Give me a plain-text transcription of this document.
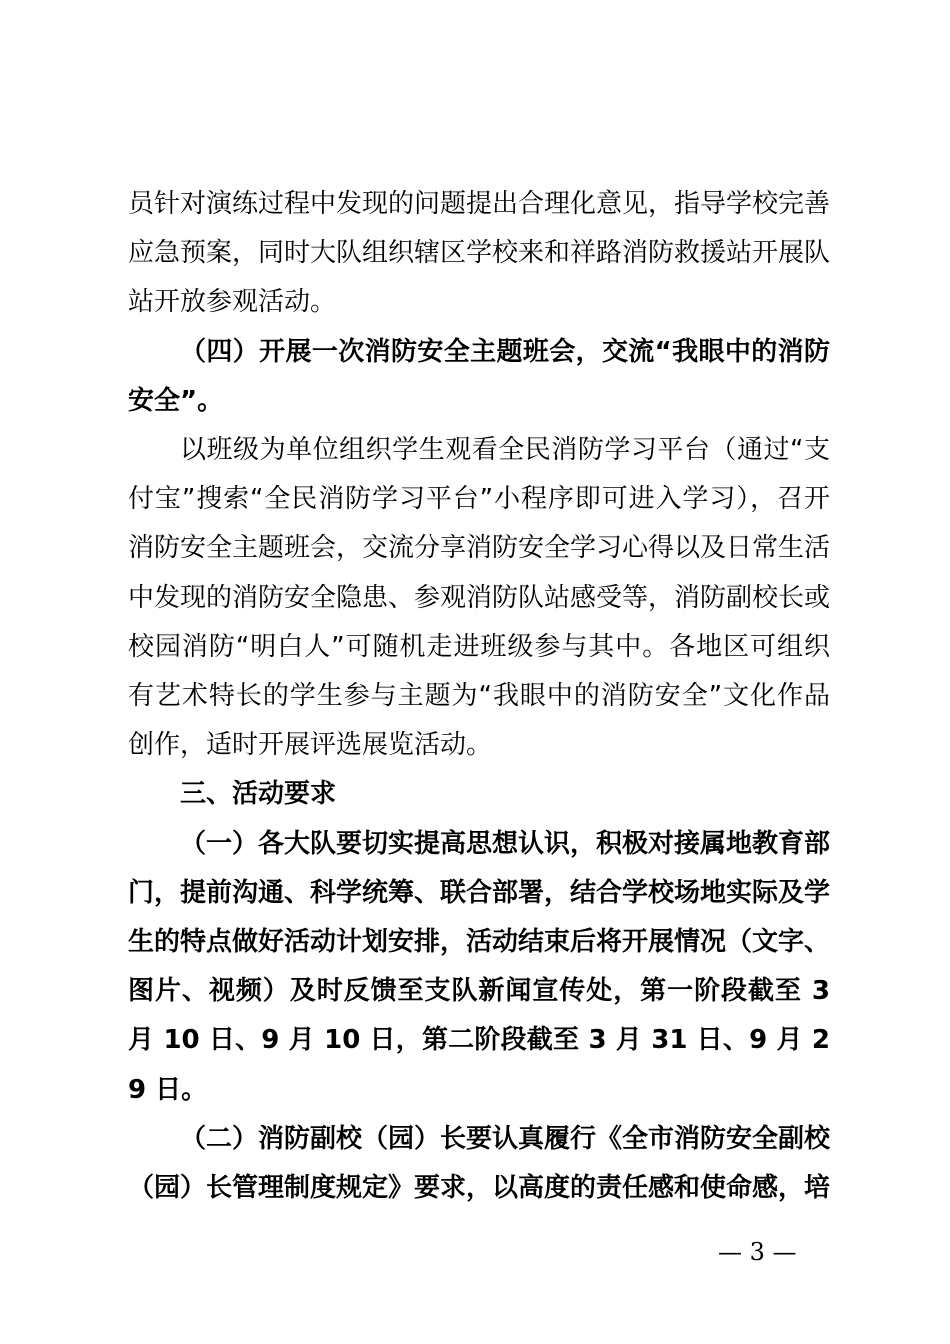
员针对演练过程中发现的问题提出合理化意见，指导学校完善应急预案，同时大队组织辖区学校来和祥路消防救援站开展队站开放参观活动。

（四）开展一次消防安全主题班会，交流“我眼中的消防安全”。

以班级为单位组织学生观看全民消防学习平台（通过“支付宝”搜索“全民消防学习平台”小程序即可进入学习），召开消防安全主题班会，交流分享消防安全学习心得以及日常生活中发现的消防安全隐患、参观消防队站感受等，消防副校长或校园消防“明白人”可随机走进班级参与其中。各地区可组织有艺术特长的学生参与主题为“我眼中的消防安全”文化作品创作，适时开展评选展览活动。

三、活动要求

（一）各大队要切实提高思想认识，积极对接属地教育部门，提前沟通、科学统筹、联合部署，结合学校场地实际及学生的特点做好活动计划安排，活动结束后将开展情况（文字、图片、视频）及时反馈至支队新闻宣传处，第一阶段截至 3 月 10 日、9 月 10 日，第二阶段截至 3 月 31 日、9 月 29 日。

（二）消防副校（园）长要认真履行《全市消防安全副校（园）长管理制度规定》要求，以高度的责任感和使命感，培

— 3 —
